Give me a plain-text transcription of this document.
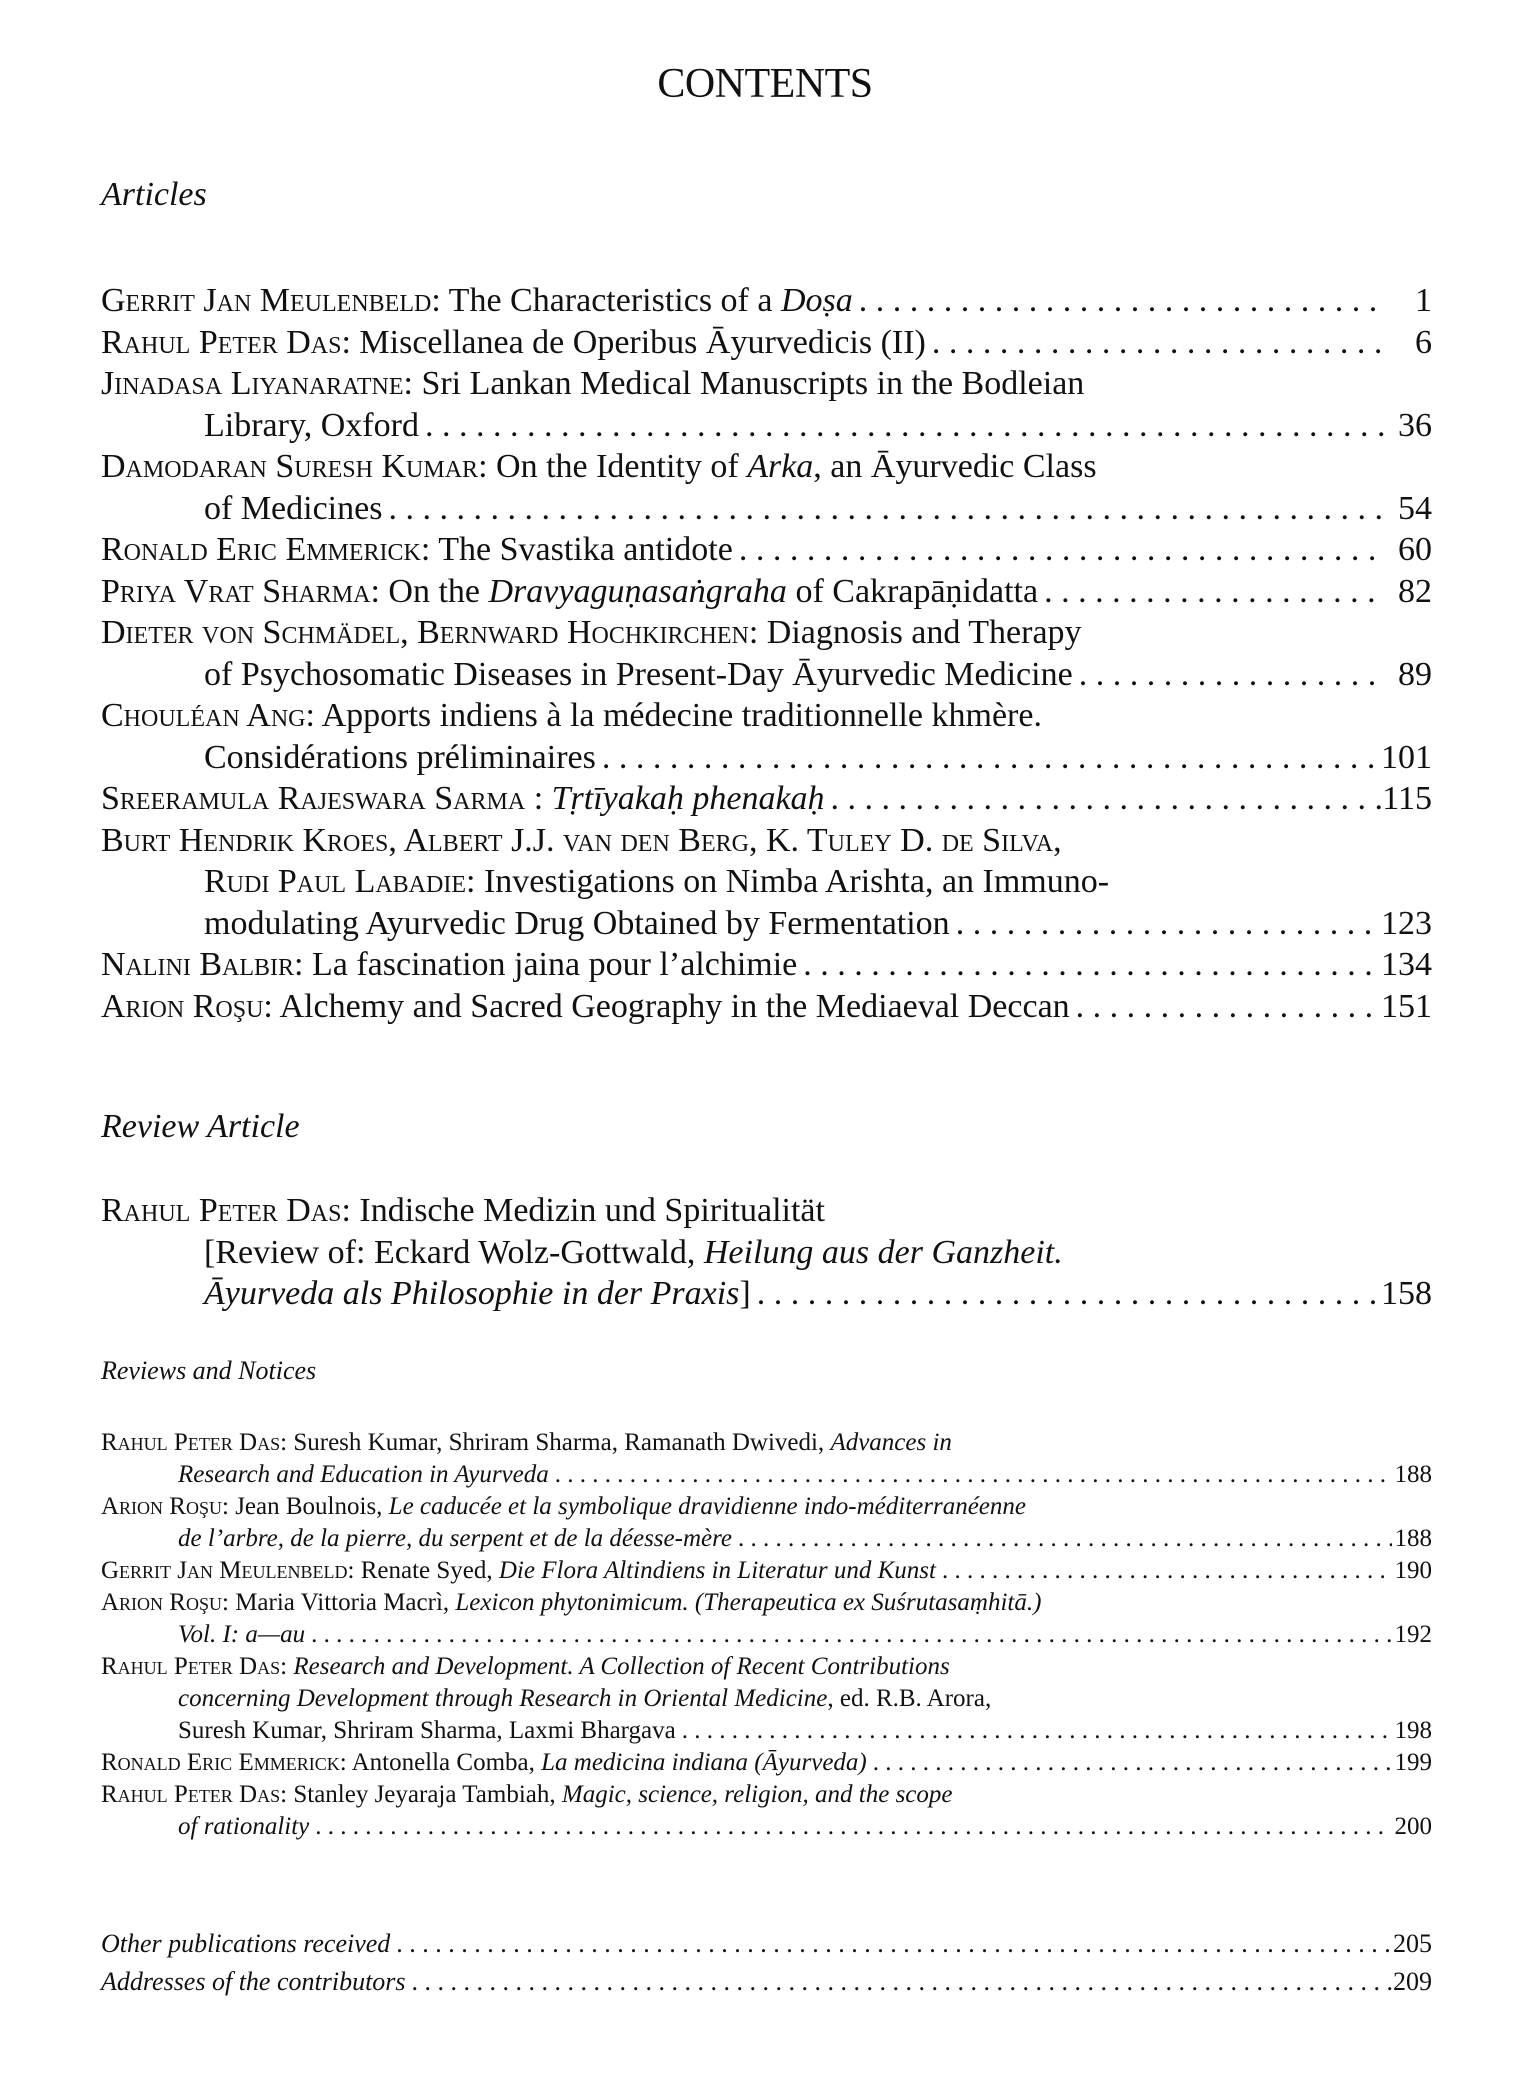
CONTENTS
Articles
Gerrit Jan Meulenbeld: The Characteristics of a Doṣa . . .	1
Rahul Peter Das: Miscellanea de Operibus Āyurvedicis (II) . . .	6
Jinadasa Liyanaratne: Sri Lankan Medical Manuscripts in the Bodleian
Library, Oxford . . .	36
Damodaran Suresh Kumar: On the Identity of Arka, an Āyurvedic Class
of Medicines . . .	54
Ronald Eric Emmerick: The Svastika antidote . . .	60
Priya Vrat Sharma: On the Dravyaguṇasaṅgraha of Cakrapāṇidatta . . .	82
Dieter von Schmädel, Bernward Hochkirchen: Diagnosis and Therapy
of Psychosomatic Diseases in Present-Day Āyurvedic Medicine . . .	89
Chouléan Ang: Apports indiens à la médecine traditionnelle khmère.
Considérations préliminaires . . .	101
Sreeramula Rajeswara Sarma : Tṛtīyakaḥ phenakaḥ . . .	115
Burt Hendrik Kroes, Albert J.J. van den Berg, K. Tuley D. de Silva,
Rudi Paul Labadie: Investigations on Nimba Arishta, an Immuno-
modulating Ayurvedic Drug Obtained by Fermentation . . .	123
Nalini Balbir: La fascination jaina pour l’alchimie . . .	134
Arion Roşu: Alchemy and Sacred Geography in the Mediaeval Deccan . . .	151
Review Article
Rahul Peter Das: Indische Medizin und Spiritualität
[Review of: Eckard Wolz-Gottwald, Heilung aus der Ganzheit.
Āyurveda als Philosophie in der Praxis] . . .	158
Reviews and Notices
Rahul Peter Das: Suresh Kumar, Shriram Sharma, Ramanath Dwivedi, Advances in
Research and Education in Ayurveda . . .	188
Arion Roşu: Jean Boulnois, Le caducée et la symbolique dravidienne indo-méditerranéenne
de l’arbre, de la pierre, du serpent et de la déesse-mère . . .	188
Gerrit Jan Meulenbeld: Renate Syed, Die Flora Altindiens in Literatur und Kunst . . .	190
Arion Roşu: Maria Vittoria Macrì, Lexicon phytonimicum. (Therapeutica ex Suśrutasaṃhitā.)
Vol. I: a—au . . .	192
Rahul Peter Das: Research and Development. A Collection of Recent Contributions
concerning Development through Research in Oriental Medicine, ed. R.B. Arora,
Suresh Kumar, Shriram Sharma, Laxmi Bhargava . . .	198
Ronald Eric Emmerick: Antonella Comba, La medicina indiana (Āyurveda) . . .	199
Rahul Peter Das: Stanley Jeyaraja Tambiah, Magic, science, religion, and the scope
of rationality . . .	200
Other publications received . . .	205
Addresses of the contributors . . .	209
